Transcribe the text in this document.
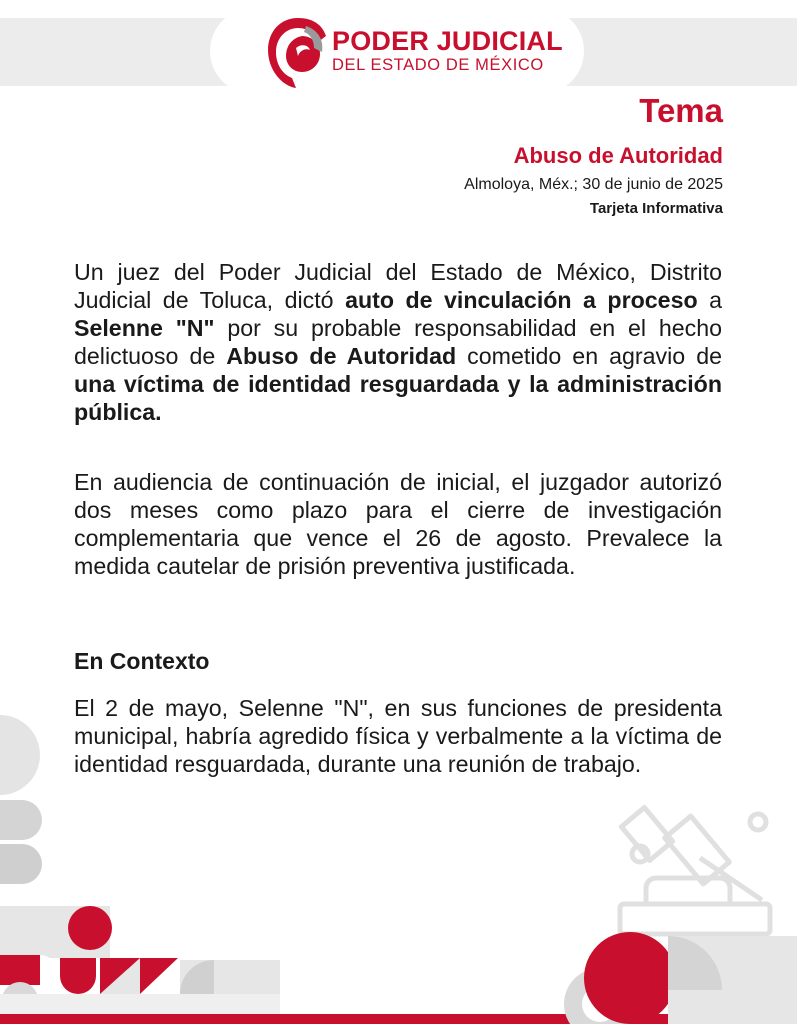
PODER JUDICIAL
DEL ESTADO DE MÉXICO
Tema
Abuso de Autoridad
Almoloya, Méx.; 30 de junio de 2025
Tarjeta Informativa
Un juez del Poder Judicial del Estado de México, Distrito Judicial de Toluca, dictó auto de vinculación a proceso a Selenne "N" por su probable responsabilidad en el hecho delictuoso de Abuso de Autoridad cometido en agravio de una víctima de identidad resguardada y la administración pública.
En audiencia de continuación de inicial, el juzgador autorizó dos meses como plazo para el cierre de investigación complementaria que vence el 26 de agosto. Prevalece la medida cautelar de prisión preventiva justificada.
En Contexto
El 2 de mayo, Selenne "N", en sus funciones de presidenta municipal, habría agredido física y verbalmente a la víctima de identidad resguardada, durante una reunión de trabajo.
